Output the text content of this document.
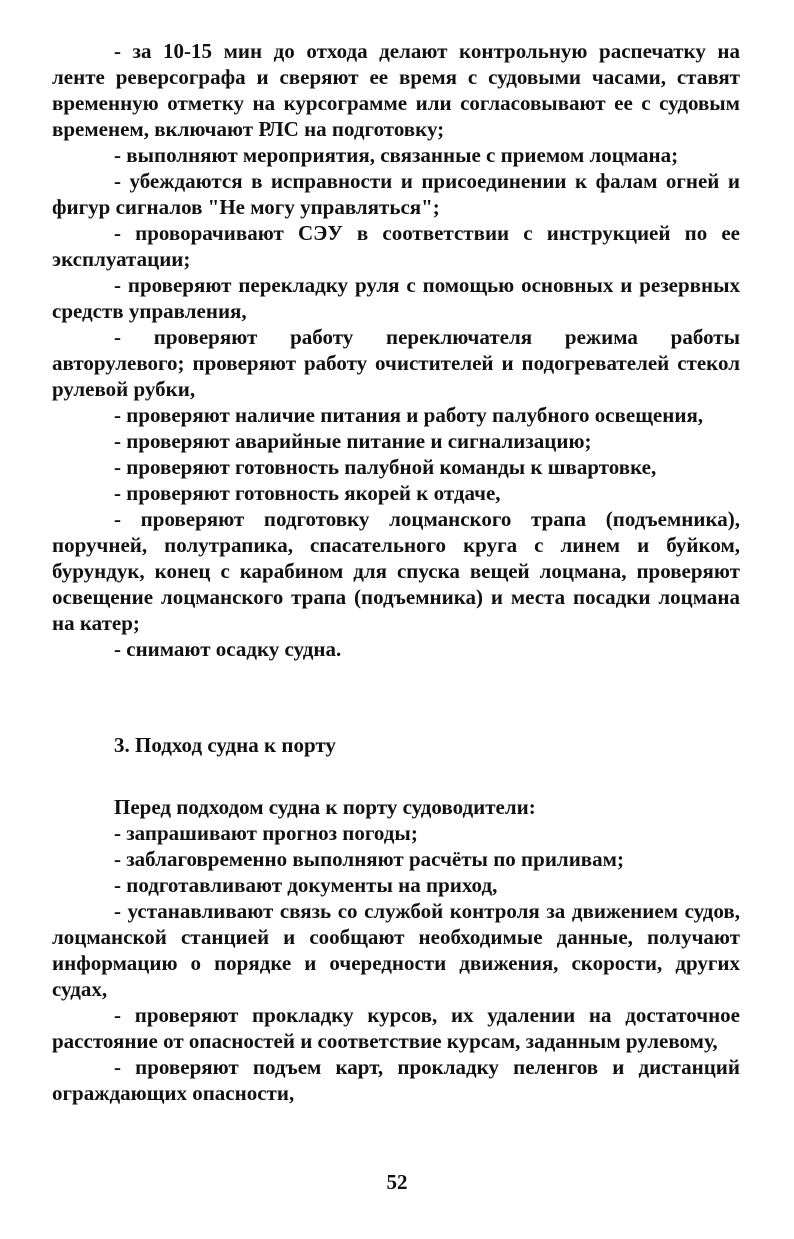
- за 10-15 мин до отхода делают контрольную распечатку на ленте реверсографа и сверяют ее время с судовыми часами, ставят временную отметку на курсограмме или согласовывают ее с судовым временем, включают РЛС на подготовку;

- выполняют мероприятия, связанные с приемом лоцмана;

- убеждаются в исправности и присоединении к фалам огней и фигур сигналов "Не могу управляться";

- проворачивают СЭУ в соответствии с инструкцией по ее эксплуатации;

- проверяют перекладку руля с помощью основных и резервных средств управления,

- проверяют работу переключателя режима работы авторулевого; проверяют работу очистителей и подогревателей стекол рулевой рубки,

- проверяют наличие питания и работу палубного освещения,

- проверяют аварийные питание и сигнализацию;

- проверяют готовность палубной команды к швартовке,

- проверяют готовность якорей к отдаче,

- проверяют подготовку лоцманского трапа (подъемника), поручней, полутрапика, спасательного круга с линем и буйком, бурундук, конец с карабином для спуска вещей лоцмана, проверяют освещение лоцманского трапа (подъемника) и места посадки лоцмана на катер;

- снимают осадку судна.

3. Подход судна к порту

Перед подходом судна к порту судоводители:

- запрашивают прогноз погоды;

- заблаговременно выполняют расчёты по приливам;

- подготавливают документы на приход,

- устанавливают связь со службой контроля за движением судов, лоцманской станцией и сообщают необходимые данные, получают информацию о порядке и очередности движения, скорости, других судах,

- проверяют прокладку курсов, их удалении на достаточное расстояние от опасностей и соответствие курсам, заданным рулевому,

- проверяют подъем карт, прокладку пеленгов и дистанций ограждающих опасности,

52
